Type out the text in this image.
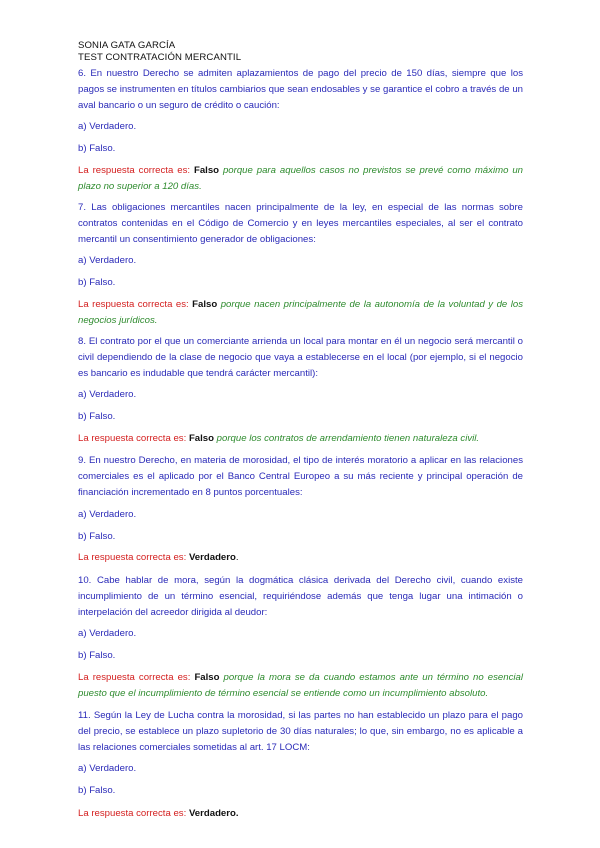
SONIA GATA GARCÍA
TEST CONTRATACIÓN MERCANTIL
6. En nuestro Derecho se admiten aplazamientos de pago del precio de 150 días, siempre que los pagos se instrumenten en títulos cambiarios que sean endosables y se garantice el cobro a través de un aval bancario o un seguro de crédito o caución:
a) Verdadero.
b) Falso.
La respuesta correcta es: Falso porque para aquellos casos no previstos se prevé como máximo un plazo no superior a 120 días.
7. Las obligaciones mercantiles nacen principalmente de la ley, en especial de las normas sobre contratos contenidas en el Código de Comercio y en leyes mercantiles especiales, al ser el contrato mercantil un consentimiento generador de obligaciones:
a) Verdadero.
b) Falso.
La respuesta correcta es: Falso porque nacen principalmente de la autonomía de la voluntad y de los negocios jurídicos.
8. El contrato por el que un comerciante arrienda un local para montar en él un negocio será mercantil o civil dependiendo de la clase de negocio que vaya a establecerse en el local (por ejemplo, si el negocio es bancario es indudable que tendrá carácter mercantil):
a) Verdadero.
b) Falso.
La respuesta correcta es: Falso porque los contratos de arrendamiento tienen naturaleza civil.
9. En nuestro Derecho, en materia de morosidad, el tipo de interés moratorio a aplicar en las relaciones comerciales es el aplicado por el Banco Central Europeo a su más reciente y principal operación de financiación incrementado en 8 puntos porcentuales:
a) Verdadero.
b) Falso.
La respuesta correcta es: Verdadero.
10. Cabe hablar de mora, según la dogmática clásica derivada del Derecho civil, cuando existe incumplimiento de un término esencial, requiriéndose además que tenga lugar una intimación o interpelación del acreedor dirigida al deudor:
a) Verdadero.
b) Falso.
La respuesta correcta es: Falso porque la mora se da cuando estamos ante un término no esencial puesto que el incumplimiento de término esencial se entiende como un incumplimiento absoluto.
11. Según la Ley de Lucha contra la morosidad, si las partes no han establecido un plazo para el pago del precio, se establece un plazo supletorio de 30 días naturales; lo que, sin embargo, no es aplicable a las relaciones comerciales sometidas al art. 17 LOCM:
a) Verdadero.
b) Falso.
La respuesta correcta es: Verdadero.
